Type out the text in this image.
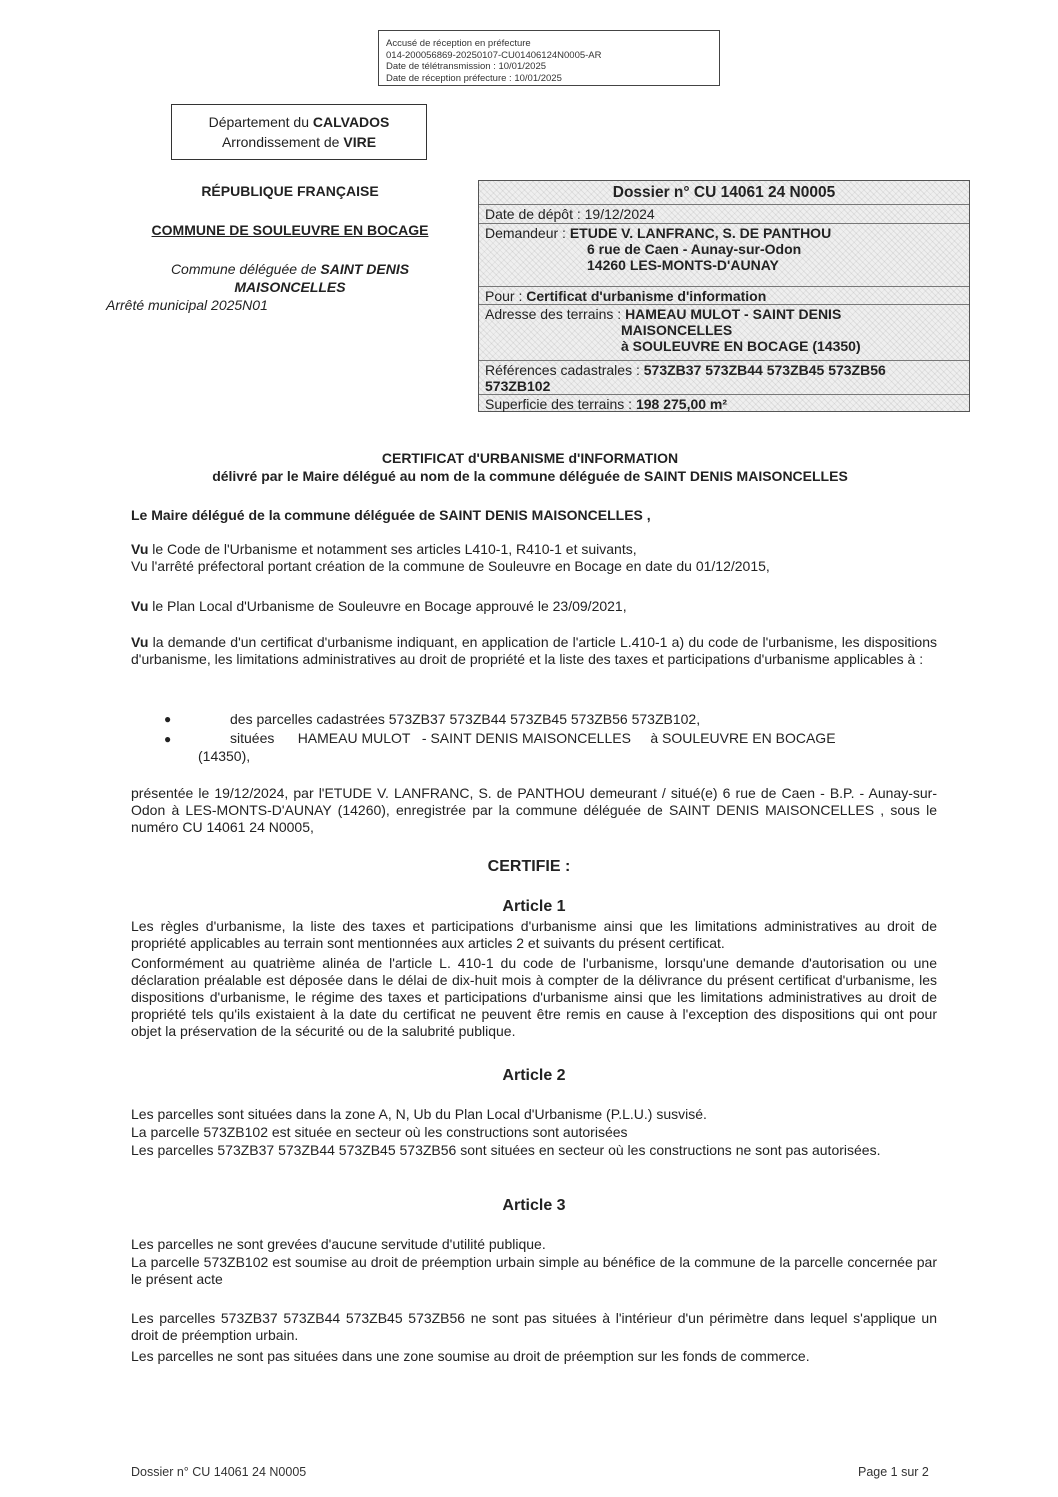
Accusé de réception en préfecture
014-200056869-20250107-CU01406124N0005-AR
Date de télétransmission : 10/01/2025
Date de réception préfecture : 10/01/2025
Département du CALVADOS
Arrondissement de VIRE
RÉPUBLIQUE FRANÇAISE
COMMUNE DE SOULEUVRE EN BOCAGE
Commune déléguée de SAINT DENIS
MAISONCELLES
Arrêté municipal 2025N01
Dossier n° CU 14061 24 N0005
Date de dépôt : 19/12/2024
Demandeur : ETUDE V. LANFRANC, S. DE PANTHOU
6 rue de Caen - Aunay-sur-Odon
14260 LES-MONTS-D'AUNAY
Pour : Certificat d'urbanisme d'information
Adresse des terrains : HAMEAU MULOT - SAINT DENIS
MAISONCELLES
à SOULEUVRE EN BOCAGE (14350)
Références cadastrales : 573ZB37 573ZB44 573ZB45 573ZB56
573ZB102
Superficie des terrains : 198 275,00 m²
CERTIFICAT d'URBANISME d'INFORMATION
délivré par le Maire délégué au nom de la commune déléguée de SAINT DENIS MAISONCELLES
Le Maire délégué de la commune déléguée de SAINT DENIS MAISONCELLES ,
Vu le Code de l'Urbanisme et notamment ses articles L410-1, R410-1 et suivants,
Vu l'arrêté préfectoral portant création de la commune de Souleuvre en Bocage en date du 01/12/2015,
Vu le Plan Local d'Urbanisme de Souleuvre en Bocage approuvé le 23/09/2021,
Vu la demande d'un certificat d'urbanisme indiquant, en application de l'article L.410-1 a) du code de l'urbanisme, les dispositions d'urbanisme, les limitations administratives au droit de propriété et la liste des taxes et participations d'urbanisme applicables à :
●	des parcelles cadastrées 573ZB37 573ZB44 573ZB45 573ZB56 573ZB102,
●	situées      HAMEAU MULOT   - SAINT DENIS MAISONCELLES     à SOULEUVRE EN BOCAGE
(14350),
présentée le 19/12/2024, par l'ETUDE V. LANFRANC, S. de PANTHOU demeurant / situé(e) 6 rue de Caen - B.P. - Aunay-sur-Odon à LES-MONTS-D'AUNAY (14260), enregistrée par la commune déléguée de SAINT DENIS MAISONCELLES , sous le numéro CU 14061 24 N0005,
CERTIFIE :
Article 1
Les règles d'urbanisme, la liste des taxes et participations d'urbanisme ainsi que les limitations administratives au droit de propriété applicables au terrain sont mentionnées aux articles 2 et suivants du présent certificat.
Conformément au quatrième alinéa de l'article L. 410-1 du code de l'urbanisme, lorsqu'une demande d'autorisation ou une déclaration préalable est déposée dans le délai de dix-huit mois à compter de la délivrance du présent certificat d'urbanisme, les dispositions d'urbanisme, le régime des taxes et participations d'urbanisme ainsi que les limitations administratives au droit de propriété tels qu'ils existaient à la date du certificat ne peuvent être remis en cause à l'exception des dispositions qui ont pour objet la préservation de la sécurité ou de la salubrité publique.
Article 2
Les parcelles sont situées dans la zone A, N, Ub du Plan Local d'Urbanisme (P.L.U.) susvisé.
La parcelle 573ZB102 est située en secteur où les constructions sont autorisées
Les parcelles 573ZB37 573ZB44 573ZB45 573ZB56 sont situées en secteur où les constructions ne sont pas autorisées.
Article 3
Les parcelles ne sont grevées d'aucune servitude d'utilité publique.
La parcelle 573ZB102 est soumise au droit de préemption urbain simple au bénéfice de la commune de la parcelle concernée par le présent acte
Les parcelles 573ZB37 573ZB44 573ZB45 573ZB56 ne sont pas situées à l'intérieur d'un périmètre dans lequel s'applique un droit de préemption urbain.
Les parcelles ne sont pas situées dans une zone soumise au droit de préemption sur les fonds de commerce.
Dossier n° CU 14061 24 N0005	Page 1 sur 2
